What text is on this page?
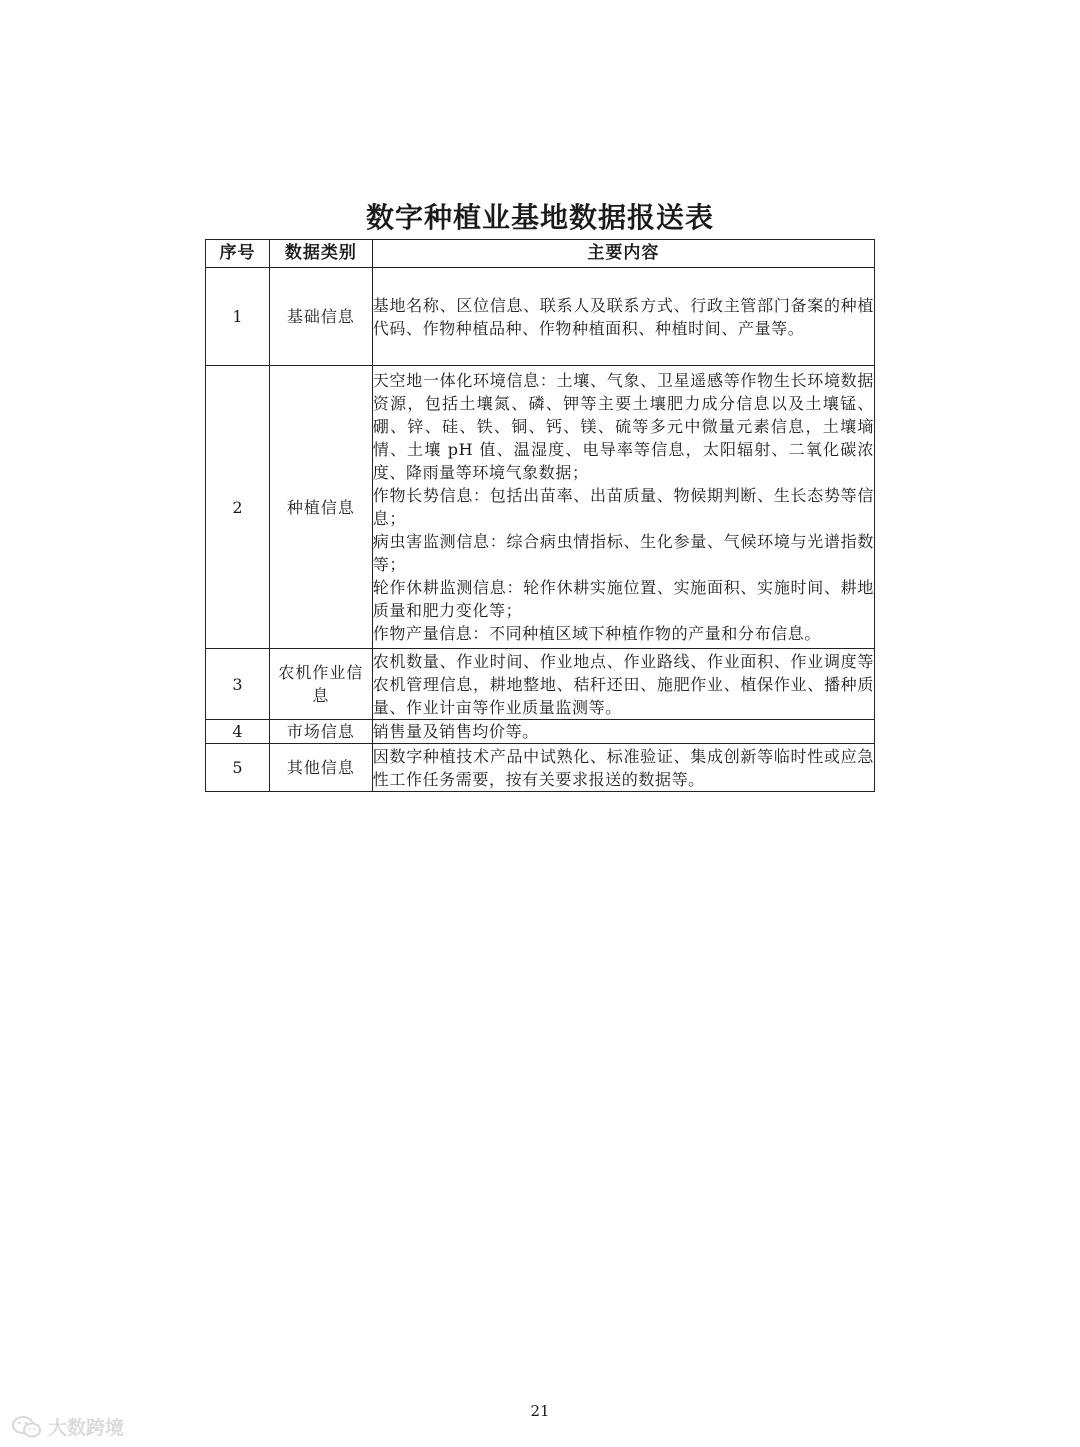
数字种植业基地数据报送表
序号	数据类别	主要内容
1	基础信息	基地名称、区位信息、联系人及联系方式、行政主管部门备案的种植代码、作物种植品种、作物种植面积、种植时间、产量等。

2	种植信息	天空地一体化环境信息：土壤、气象、卫星遥感等作物生长环境数据资源，包括土壤氮、磷、钾等主要土壤肥力成分信息以及土壤锰、硼、锌、硅、铁、铜、钙、镁、硫等多元中微量元素信息，土壤墒情、土壤 pH 值、温湿度、电导率等信息，太阳辐射、二氧化碳浓度、降雨量等环境气象数据；
作物长势信息：包括出苗率、出苗质量、物候期判断、生长态势等信息；
病虫害监测信息：综合病虫情指标、生化参量、气候环境与光谱指数等；
轮作休耕监测信息：轮作休耕实施位置、实施面积、实施时间、耕地质量和肥力变化等；
作物产量信息：不同种植区域下种植作物的产量和分布信息。

3	农机作业信息	农机数量、作业时间、作业地点、作业路线、作业面积、作业调度等农机管理信息，耕地整地、秸秆还田、施肥作业、植保作业、播种质量、作业计亩等作业质量监测等。

4	市场信息	销售量及销售均价等。

5	其他信息	因数字种植技术产品中试熟化、标准验证、集成创新等临时性或应急性工作任务需要，按有关要求报送的数据等。
21
大数跨境
